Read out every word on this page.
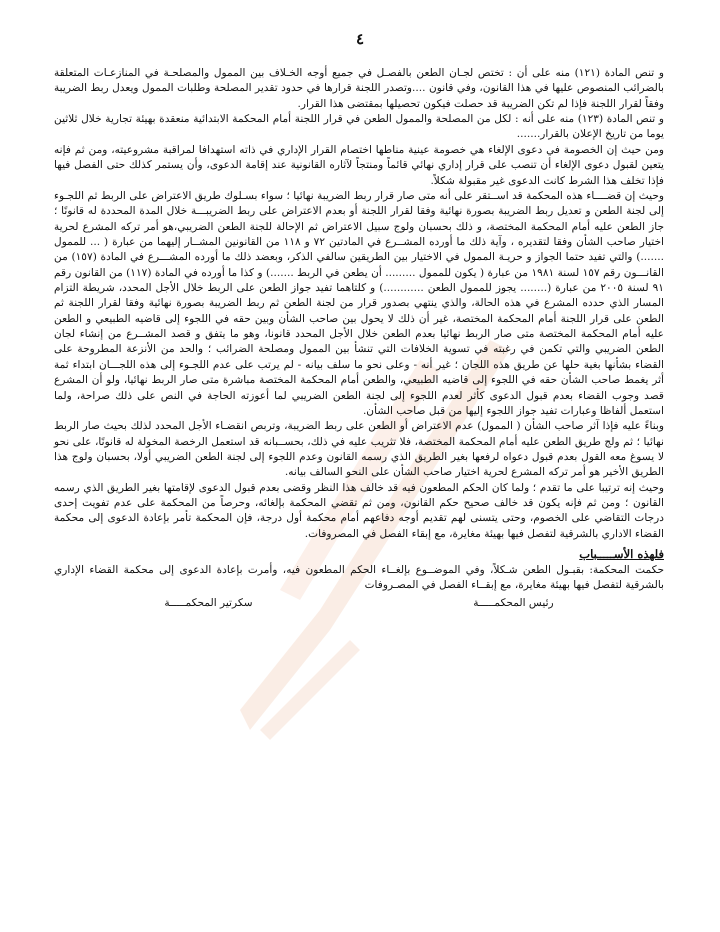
٤

و تنص المادة (١٢١) منه على أن : تختص لجـان الطعن بالفصـل في جميع أوجه الخـلاف بين الممول والمصلحـة في المنازعـات المتعلقة بالضرائب المنصوص عليها في هذا القانون، وفي قانون ....وتصدر اللجنة قرارها في حدود تقدير المصلحة وطلبات الممول ويعدل ربط الضريبة وفقاً لقرار اللجنة فإذا لم تكن الضريبة قد حصلت فيكون تحصيلها بمقتضى هذا القرار.

و تنص المادة (١٢٣) منه على أنه : لكل من المصلحة والممول الطعن في قرار اللجنة أمام المحكمة الابتدائية منعقدة بهيئة تجارية خلال ثلاثين يوما من تاريخ الإعلان بالقرار.......

ومن حيث إن الخصومة في دعوى الإلغاء هي خصومة عينية مناطها اختصام القرار الإداري في ذاته استهدافا لمراقبة مشروعيته، ومن ثم فإنه يتعين لقبول دعوى الإلغاء أن تنصب على قرار إداري نهائي قائماً ومنتجاً لآثاره القانونية عند إقامة الدعوى، وأن يستمر كذلك حتى الفصل فيها فإذا تخلف هذا الشرط كانت الدعوى غير مقبولة شكلاً.

وحيث إن قضــــاء هذه المحكمة قد اســتقر على أنه متى صار قرار ربط الضريبة نهائيا ؛ سواء بسـلوك طريق الاعتراض على الربط ثم اللجـوء إلى لجنة الطعن و تعديل ربط الضريبة بصورة نهائية وفقا لقرار اللجنة أو بعدم الاعتراض على ربط الضريبـــة خلال المدة المحددة له قانونًا ؛ جاز الطعن عليه أمام المحكمة المختصة، و ذلك بحسبان ولوج سبيل الاعتراض ثم الإحالة للجنة الطعن الضريبي،هو أمر تركه المشرع لحرية اختيار صاحب الشأن وفقا لتقديره ، وآية ذلك ما أورده المشــرع في المادتين ٧٢ و ١١٨ من القانونين المشــار إليهما من عبارة ( ... للممول .......) والتي تفيد حتما الجواز و حريـة الممول في الاختيار بين الطريقين سالفي الذكر، وبعضد ذلك ما أورده المشـــرع في المادة (١٥٧) من القانـــون رقم ١٥٧ لسنة ١٩٨١ من عبارة ( يكون للممول ......... أن يطعن في الربط .......) و كذا ما أورده في المادة (١١٧) من القانون رقم ٩١ لسنة ٢٠٠٥ من عبارة (........ يجوز للممول الطعن ............) و كلتاهما تفيد جواز الطعن على الربط خلال الأجل المحدد، شريطة التزام المسار الذي حدده المشرع في هذه الحالة، والذي ينتهي بصدور قرار من لجنة الطعن ثم ربط الضريبة بصورة نهائية وفقا لقرار اللجنة ثم الطعن على قرار اللجنة أمام المحكمة المختصة، غير أن ذلك لا يحول بين صاحب الشأن وبين حقه في اللجوء إلى قاضيه الطبيعي و الطعن عليه أمام المحكمة المختصة متى صار الربط نهائيا بعدم الطعن خلال الأجل المحدد قانونا، وهو ما يتفق و قصد المشــرع من إنشاء لجان الطعن الضريبي والتي تكمن في رغبته في تسوية الخلافات التي تنشأ بين الممول ومصلحة الضرائب ؛ والحد من الأنزعة المطروحة على القضاء بشأنها بغية حلها عن طريق هذه اللجان ؛ غير أنه - وعلى نحو ما سلف بيانه - لم يرتب على عدم اللجـوء إلى هذه اللجـــان ابتداء ثمة أثر يغمط صاحب الشأن حقه في اللجوء إلى قاضيه الطبيعي، والطعن أمام المحكمة المختصة مباشرة متى صار الربط نهائيا، ولو أن المشرع قصد وجوب القضاء بعدم قبول الدعوى كأثر لعدم اللجوء إلى لجنة الطعن الضريبي لما أعوزته الحاجة في النص على ذلك صراحة، ولما استعمل ألفاظا وعبارات تفيد جواز اللجوء إليها من قبل صاحب الشأن.

وبناءً عليه فإذا آثر صاحب الشأن ( الممول) عدم الاعتراض أو الطعن على ربط الضريبة، وتربص انقضـاء الأجل المحدد لذلك بحيث صار الربط نهائيا ؛ ثم ولج طريق الطعن عليه أمام المحكمة المختصة، فلا تثريب عليه في ذلك، بحســبانه قد استعمل الرخصة المخولة له قانونًا، على نحو لا يسوغ معه القول بعدم قبول دعواه لرفعها بغير الطريق الذي رسمه القانون وعدم اللجوء إلى لجنة الطعن الضريبي أولا، بحسبان ولوج هذا الطريق الأخير هو أمر تركه المشرع لحرية اختيار صاحب الشأن على النحو السالف بيانه.

وحيث إنه ترتيبا على ما تقدم ؛ ولما كان الحكم المطعون فيه قد خالف هذا النظر وقضى بعدم قبول الدعوى لإقامتها بغير الطريق الذي رسمه القانون ؛ ومن ثم فإنه يكون قد خالف صحيح حكم القانون، ومن ثم تقضي المحكمة بإلغائه، وحرصاً من المحكمة على عدم تفويت إحدى درجات التقاضي على الخصوم، وحتى يتسنى لهم تقديم أوجه دفاعهم أمام محكمة أول درجة، فإن المحكمة تأمر بإعادة الدعوى إلى محكمة القضاء الاداري بالشرقية لتفصل فيها بهيئة مغايرة، مع إبقاء الفصل في المصروفات.

فلهذه الأســـــباب

حكمت المحكمة: بقبـول الطعن شـكلاً، وفي الموضــوع بإلغــاء الحكم المطعون فيه، وأمرت بإعادة الدعوى إلى محكمة القضاء الإداري بالشرقية لتفصل فيها بهيئة مغايرة، مع إبقــاء الفصل في المصـروفات

رئيس المحكمـــــة
سكرتير المحكمـــــة
